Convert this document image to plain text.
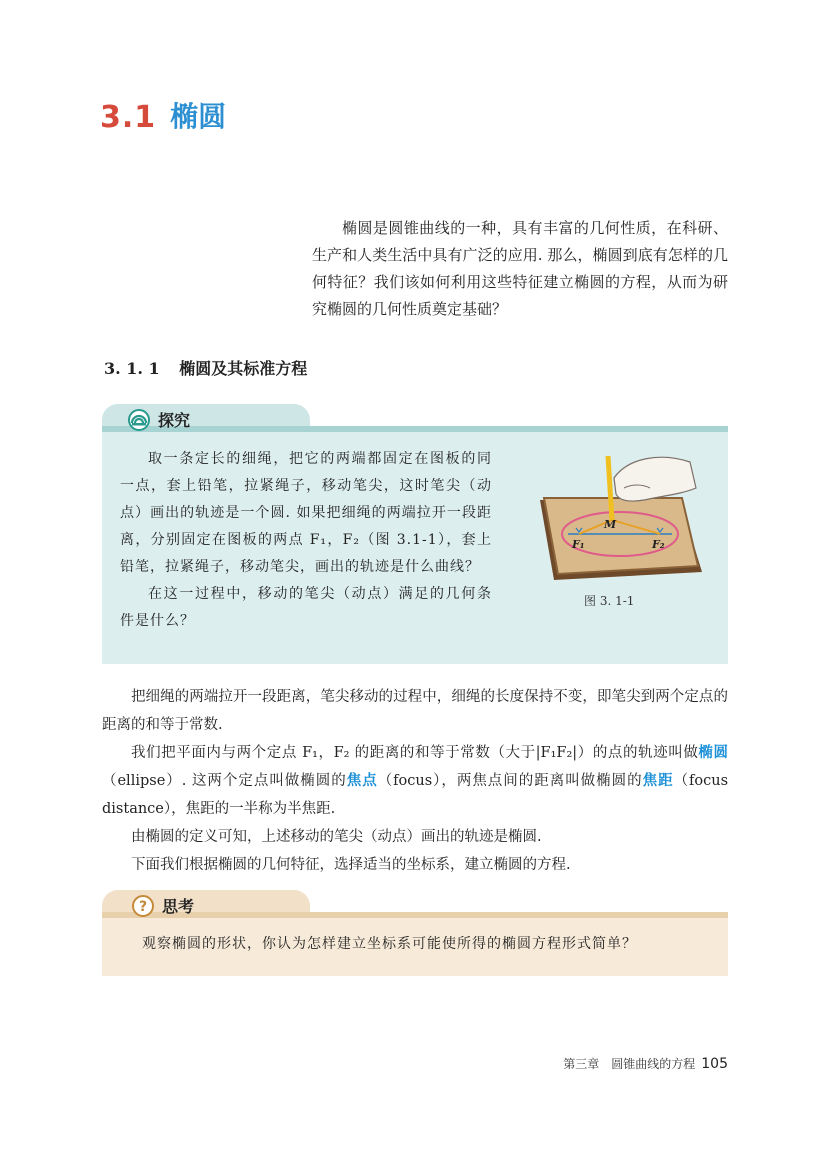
3.1 椭圆

椭圆是圆锥曲线的一种，具有丰富的几何性质，在科研、生产和人类生活中具有广泛的应用. 那么，椭圆到底有怎样的几何特征？我们该如何利用这些特征建立椭圆的方程，从而为研究椭圆的几何性质奠定基础？

3. 1. 1 椭圆及其标准方程
探究

取一条定长的细绳，把它的两端都固定在图板的同一点，套上铅笔，拉紧绳子，移动笔尖，这时笔尖（动点）画出的轨迹是一个圆. 如果把细绳的两端拉开一段距离，分别固定在图板的两点 F₁，F₂（图 3.1-1），套上铅笔，拉紧绳子，移动笔尖，画出的轨迹是什么曲线？

在这一过程中，移动的笔尖（动点）满足的几何条件是什么？

M
F₁	F₂
图 3. 1-1

把细绳的两端拉开一段距离，笔尖移动的过程中，细绳的长度保持不变，即笔尖到两个定点的距离的和等于常数.

我们把平面内与两个定点 F₁，F₂ 的距离的和等于常数（大于|F₁F₂|）的点的轨迹叫做椭圆（ellipse）. 这两个定点叫做椭圆的焦点（focus），两焦点间的距离叫做椭圆的焦距（focus distance），焦距的一半称为半焦距.

由椭圆的定义可知，上述移动的笔尖（动点）画出的轨迹是椭圆.

下面我们根据椭圆的几何特征，选择适当的坐标系，建立椭圆的方程.

? 思考
观察椭圆的形状，你认为怎样建立坐标系可能使所得的椭圆方程形式简单？
第三章　圆锥曲线的方程 105
